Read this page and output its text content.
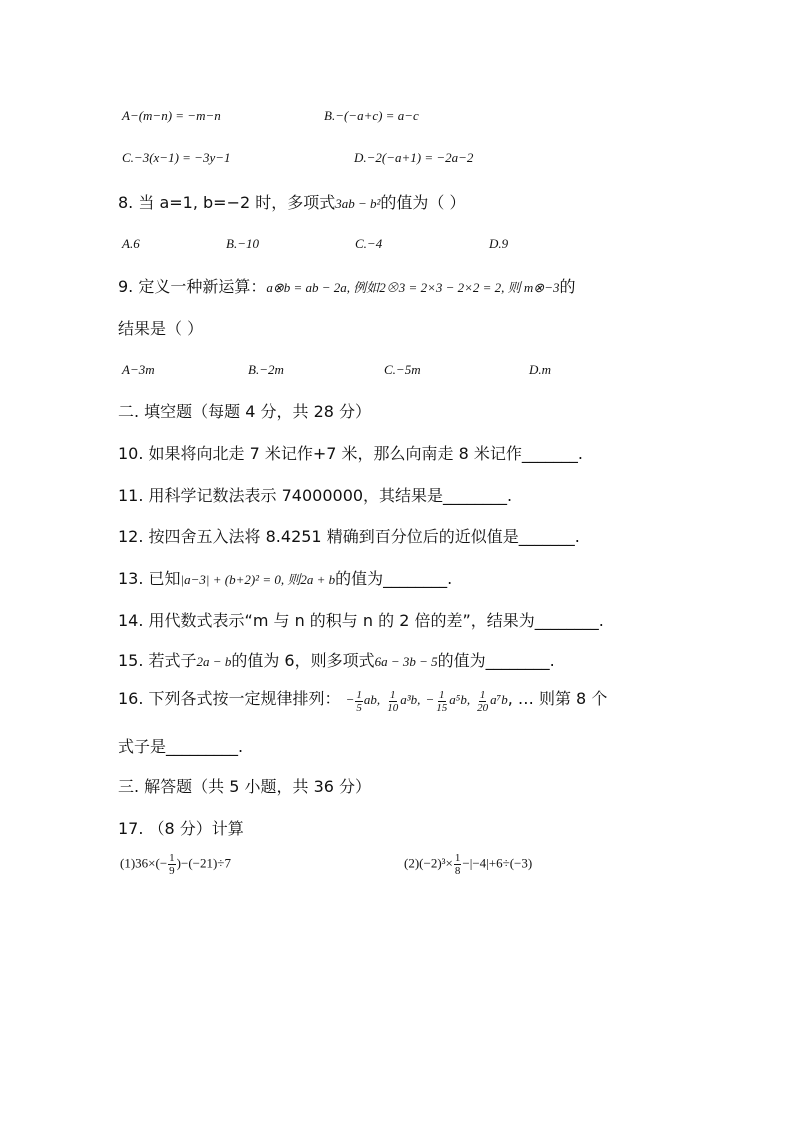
A−(m−n) = −m−n	B.−(−a+c) = a−c
C.−3(x−1) = −3y−1	D.−2(−a+1) = −2a−2
8. 当 a=1, b=−2 时，多项式3ab − b²的值为（ ）
A.6	B.−10	C.−4	D.9
9. 定义一种新运算：a⊗b = ab − 2a, 例如2⊗3 = 2×3 − 2×2 = 2, 则 m⊗−3的
结果是（ ）
A−3m	B.−2m	C.−5m	D.m
二. 填空题（每题 4 分，共 28 分）
10. 如果将向北走 7 米记作+7 米，那么向南走 8 米记作_______.
11. 用科学记数法表示 74000000，其结果是________.
12. 按四舍五入法将 8.4251 精确到百分位后的近似值是_______.
13. 已知|a−3| + (b+2)² = 0, 则2a + b的值为________.
14. 用代数式表示“m 与 n 的积与 n 的 2 倍的差”，结果为________.
15. 若式子2a − b的值为 6，则多项式6a − 3b − 5的值为________.
16. 下列各式按一定规律排列： − $\frac{1}{5}$ ab, $\frac{1}{10} a^3b$, − $\frac{1}{15} a^5b$, $\frac{1}{20} a^7b$, … 则第 8 个
式子是_________.
三. 解答题（共 5 小题，共 36 分）
17. （8 分）计算
$(1)36\times(- \frac{1}{9} )-(-21)\div 7$	$(2)(-2)^3\times \frac{1}{8} -|-4|+6\div(-3)$
